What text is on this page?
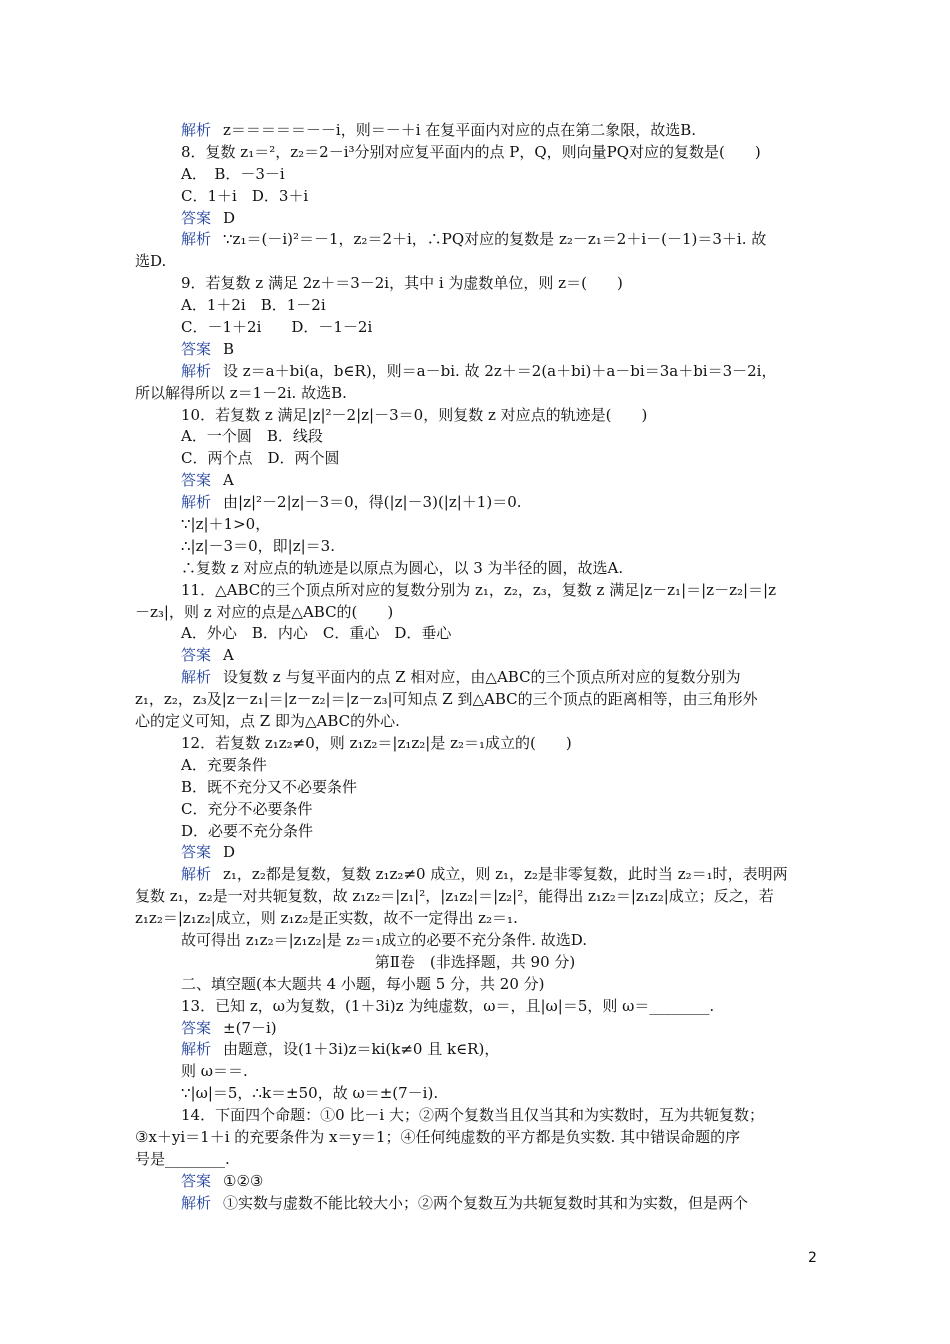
解析 z＝＝＝＝＝－－i，则＝－＋i 在复平面内对应的点在第二象限，故选B.
8．复数 z₁＝²，z₂＝2－i³分别对应复平面内的点 P，Q，则向量PQ对应的复数是(　　)
A．　B．－3－i
C．1＋i　D．3＋i
答案 D
解析 ∵z₁＝(－i)²＝－1，z₂＝2＋i，∴PQ对应的复数是 z₂－z₁＝2＋i－(－1)＝3＋i. 故
选D.
9．若复数 z 满足 2z＋＝3－2i，其中 i 为虚数单位，则 z＝(　　)
A．1＋2i　B．1－2i
C．－1＋2i　　D．－1－2i
答案 B
解析 设 z＝a＋bi(a，b∈R)，则＝a－bi. 故 2z＋＝2(a＋bi)＋a－bi＝3a＋bi＝3－2i，
所以解得所以 z＝1－2i. 故选B.
10．若复数 z 满足|z|²－2|z|－3＝0，则复数 z 对应点的轨迹是(　　)
A．一个圆　B．线段
C．两个点　D．两个圆
答案 A
解析 由|z|²－2|z|－3＝0，得(|z|－3)(|z|＋1)＝0.
∵|z|＋1>0，
∴|z|－3＝0，即|z|＝3.
∴复数 z 对应点的轨迹是以原点为圆心，以 3 为半径的圆，故选A.
11．△ABC的三个顶点所对应的复数分别为 z₁，z₂，z₃，复数 z 满足|z－z₁|＝|z－z₂|＝|z
－z₃|，则 z 对应的点是△ABC的(　　)
A．外心　B．内心　C．重心　D．垂心
答案 A
解析 设复数 z 与复平面内的点 Z 相对应，由△ABC的三个顶点所对应的复数分别为
z₁，z₂，z₃及|z－z₁|＝|z－z₂|＝|z－z₃|可知点 Z 到△ABC的三个顶点的距离相等，由三角形外
心的定义可知，点 Z 即为△ABC的外心.
12．若复数 z₁z₂≠0，则 z₁z₂＝|z₁z₂|是 z₂＝₁成立的(　　)
A．充要条件
B．既不充分又不必要条件
C．充分不必要条件
D．必要不充分条件
答案 D
解析 z₁，z₂都是复数，复数 z₁z₂≠0 成立，则 z₁，z₂是非零复数，此时当 z₂＝₁时，表明两
复数 z₁，z₂是一对共轭复数，故 z₁z₂＝|z₁|²，|z₁z₂|＝|z₂|²，能得出 z₁z₂＝|z₁z₂|成立；反之，若
z₁z₂＝|z₁z₂|成立，则 z₁z₂是正实数，故不一定得出 z₂＝₁.
故可得出 z₁z₂＝|z₁z₂|是 z₂＝₁成立的必要不充分条件. 故选D.
第Ⅱ卷　(非选择题，共 90 分)
二、填空题(本大题共 4 小题，每小题 5 分，共 20 分)
13．已知 z，ω为复数，(1＋3i)z 为纯虚数，ω＝，且|ω|＝5，则 ω＝________.
答案 ±(7－i)
解析 由题意，设(1＋3i)z＝ki(k≠0 且 k∈R)，
则 ω＝＝.
∵|ω|＝5，∴k＝±50，故 ω＝±(7－i).
14．下面四个命题：①0 比－i 大；②两个复数当且仅当其和为实数时，互为共轭复数；
③x＋yi＝1＋i 的充要条件为 x＝y＝1；④任何纯虚数的平方都是负实数. 其中错误命题的序
号是________.
答案 ①②③
解析 ①实数与虚数不能比较大小；②两个复数互为共轭复数时其和为实数，但是两个
2
